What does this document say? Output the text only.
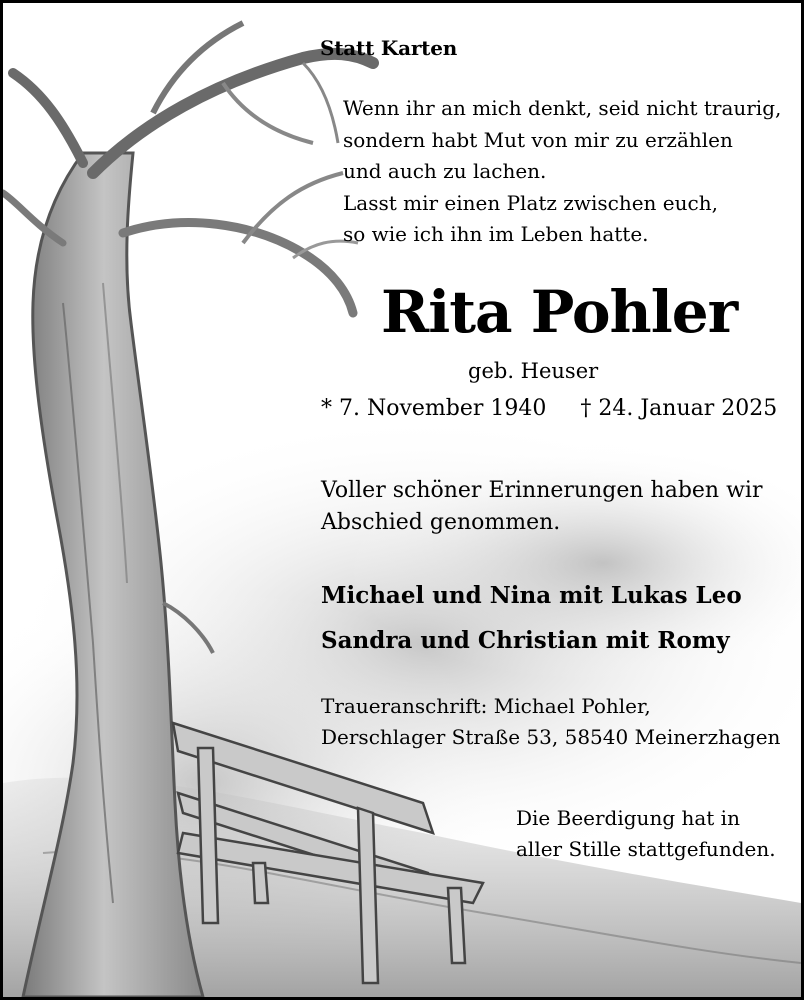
Statt Karten
Wenn ihr an mich denkt, seid nicht traurig,
sondern habt Mut von mir zu erzählen
und auch zu lachen.
Lasst mir einen Platz zwischen euch,
so wie ich ihn im Leben hatte.
Rita Pohler
geb. Heuser
* 7. November 1940 † 24. Januar 2025
Voller schöner Erinnerungen haben wir
Abschied genommen.
Michael und Nina mit Lukas Leo
Sandra und Christian mit Romy
Traueranschrift: Michael Pohler,
Derschlager Straße 53, 58540 Meinerzhagen
Die Beerdigung hat in
aller Stille stattgefunden.
